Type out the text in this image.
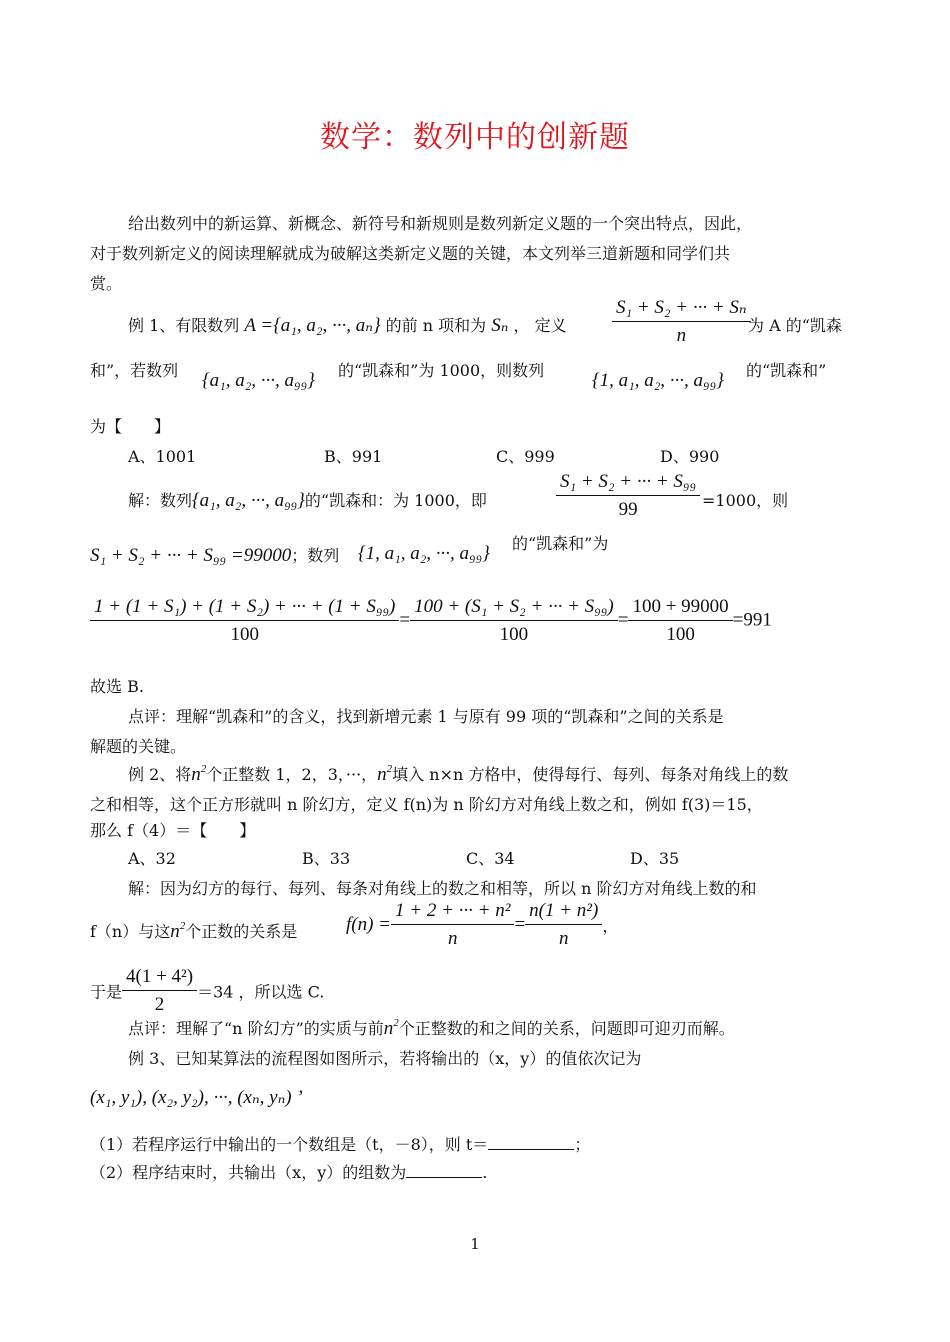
数学：数列中的创新题
给出数列中的新运算、新概念、新符号和新规则是数列新定义题的一个突出特点，因此，
对于数列新定义的阅读理解就成为破解这类新定义题的关键，本文列举三道新题和同学们共
赏。
例 1、有限数列 A ={a₁, a₂, ···, aₙ} 的前 n 项和为 Sₙ ， 定义 $\frac{\text{S₁ + S₂ + ··· + Sₙ}}{n}$
为 A 的“凯森
和”，若数列 {a₁, a₂, ···, a₉₉} 的“凯森和”为 1000，则数列	{1, a₁, a₂, ···, a₉₉} 的“凯森和”
为【　　】
A、1001	B、991	C、999	D、990
解：数列{a₁, a₂, ···, a₉₉}的“凯森和：为 1000，即	$\frac{\text{S₁ + S₂ + ··· + S₉₉}}{99} =1000$，则
S₁ + S₂ + ··· + S₉₉ =99000；数列 {1, a₁, a₂, ···, a₉₉} 的“凯森和”为
$\frac{\text{1 + (1 + S₁) + (1 + S₂) + ··· + (1 + S₉₉)}}{100} = \frac{\text{100 + (S₁ + S₂ + ··· + S₉₉)}}{100} = \frac{100 + 99000}{100} =991$
故选 B.
点评：理解“凯森和”的含义，找到新增元素 1 与原有 99 项的“凯森和”之间的关系是
解题的关键。
例 2、将$n^2$个正整数 1，2，3，···，$n^2$填入 n×n 方格中，使得每行、每列、每条对角线上的数
之和相等，这个正方形就叫 n 阶幻方，定义 f(n)为 n 阶幻方对角线上数之和，例如 f(3)＝15，
那么 f（4）＝【　　】
A、32	B、33	C、34	D、35
解：因为幻方的每行、每列、每条对角线上的数之和相等，所以 n 阶幻方对角线上数的和
f（n）与这$n^2$个正数的关系是	$f(n) = \frac{\text{1 + 2 + ··· + n²}}{n} = \frac{\text{n(1 + n²)}}{n}$ ，
于是 $\frac{\text{4(1 + 4²)}}{2} =34$ ，所以选 C.
点评：理解了“n 阶幻方”的实质与前$n^2$个正整数的和之间的关系，问题即可迎刃而解。
例 3、已知某算法的流程图如图所示，若将输出的（x，y）的值依次记为
(x₁, y₁), (x₂, y₂), ···, (xₙ, yₙ) ’
（1）若程序运行中输出的一个数组是（t，－8），则 t＝	；
（2）程序结束时，共输出（x，y）的组数为	.
1
